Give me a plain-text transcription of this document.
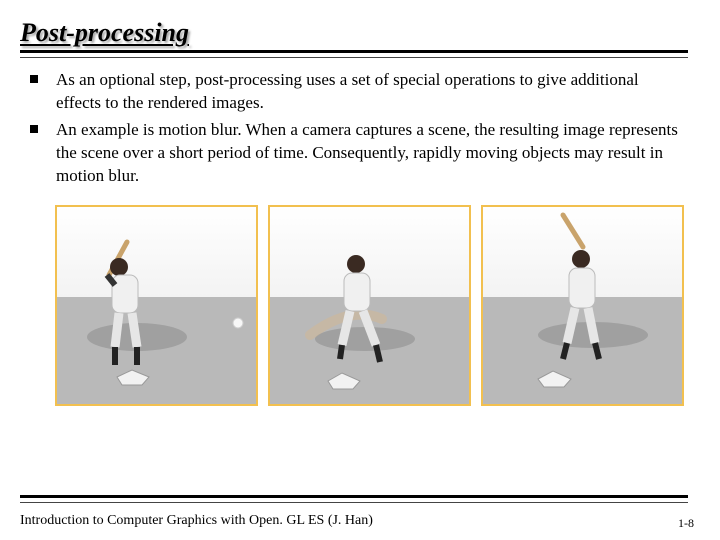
Post-processing
As an optional step, post-processing uses a set of special operations to give additional effects to the rendered images.
An example is motion blur. When a camera captures a scene, the resulting image represents the scene over a short period of time. Consequently, rapidly moving objects may result in motion blur.
Introduction to Computer Graphics with Open. GL ES (J. Han)	1-8
